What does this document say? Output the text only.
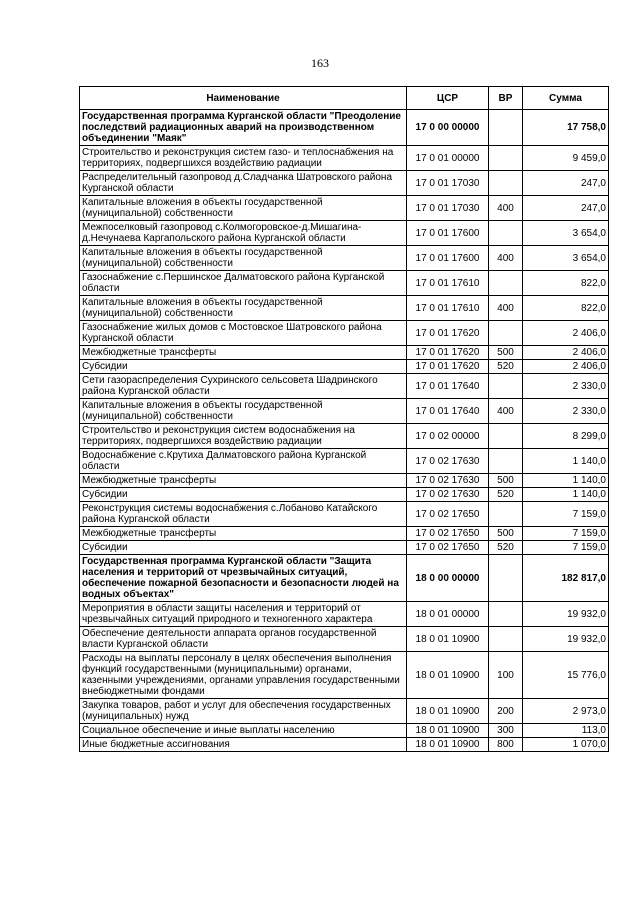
163
Наименование	ЦСР	ВР	Сумма
Государственная программа Курганской области "Преодоление последствий радиационных аварий на производственном объединении "Маяк"	17 0 00 00000		17 758,0
Строительство и реконструкция систем газо- и теплоснабжения на территориях, подвергшихся воздействию радиации	17 0 01 00000		9 459,0
Распределительный газопровод д.Сладчанка Шатровского района Курганской области	17 0 01 17030		247,0
Капитальные вложения в объекты государственной (муниципальной) собственности	17 0 01 17030	400	247,0
Межпоселковый газопровод с.Колмогоровское-д.Мишагина-д.Нечунаева Каргапольского района Курганской области	17 0 01 17600		3 654,0
Капитальные вложения в объекты государственной (муниципальной) собственности	17 0 01 17600	400	3 654,0
Газоснабжение с.Першинское Далматовского района Курганской области	17 0 01 17610		822,0
Капитальные вложения в объекты государственной (муниципальной) собственности	17 0 01 17610	400	822,0
Газоснабжение жилых домов с Мостовское Шатровского района Курганской области	17 0 01 17620		2 406,0
Межбюджетные трансферты	17 0 01 17620	500	2 406,0
Субсидии	17 0 01 17620	520	2 406,0
Сети газораспределения Сухринского сельсовета Шадринского района Курганской области	17 0 01 17640		2 330,0
Капитальные вложения в объекты государственной (муниципальной) собственности	17 0 01 17640	400	2 330,0
Строительство и реконструкция систем водоснабжения на территориях, подвергшихся воздействию радиации	17 0 02 00000		8 299,0
Водоснабжение с.Крутиха Далматовского района Курганской области	17 0 02 17630		1 140,0
Межбюджетные трансферты	17 0 02 17630	500	1 140,0
Субсидии	17 0 02 17630	520	1 140,0
Реконструкция системы водоснабжения с.Лобаново Катайского района Курганской области	17 0 02 17650		7 159,0
Межбюджетные трансферты	17 0 02 17650	500	7 159,0
Субсидии	17 0 02 17650	520	7 159,0
Государственная программа Курганской области "Защита населения и территорий от чрезвычайных ситуаций, обеспечение пожарной безопасности и безопасности людей на водных объектах"	18 0 00 00000		182 817,0
Мероприятия в области защиты населения и территорий от чрезвычайных ситуаций природного и техногенного характера	18 0 01 00000		19 932,0
Обеспечение деятельности аппарата органов государственной власти Курганской области	18 0 01 10900		19 932,0
Расходы на выплаты персоналу в целях обеспечения выполнения функций государственными (муниципальными) органами, казенными учреждениями, органами управления государственными внебюджетными фондами	18 0 01 10900	100	15 776,0
Закупка товаров, работ и услуг для обеспечения государственных (муниципальных) нужд	18 0 01 10900	200	2 973,0
Социальное обеспечение и иные выплаты населению	18 0 01 10900	300	113,0
Иные бюджетные ассигнования	18 0 01 10900	800	1 070,0
